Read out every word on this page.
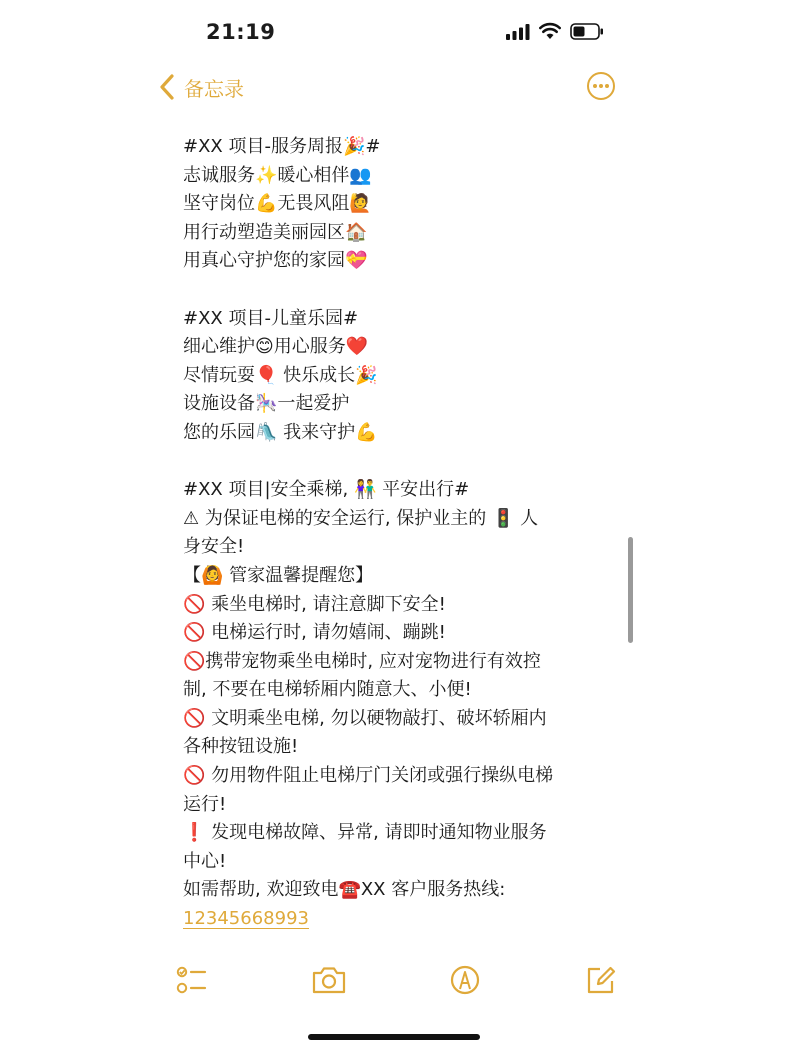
21:19
备忘录
#XX 项目-服务周报🎉#
志诚服务✨暖心相伴👥
坚守岗位💪无畏风阻🙋
用行动塑造美丽园区🏠
用真心守护您的家园💝
#XX 项目-儿童乐园#
细心维护😊用心服务❤️
尽情玩耍🎈 快乐成长🎉
设施设备🎠一起爱护
您的乐园🛝 我来守护💪
#XX 项目|安全乘梯, 👫 平安出行#
⚠ 为保证电梯的安全运行, 保护业主的 🚦 人
身安全!
【🙆 管家温馨提醒您】
🚫 乘坐电梯时, 请注意脚下安全!
🚫 电梯运行时, 请勿嬉闹、蹦跳!
🚫携带宠物乘坐电梯时, 应对宠物进行有效控
制, 不要在电梯轿厢内随意大、小便!
🚫 文明乘坐电梯, 勿以硬物敲打、破坏轿厢内
各种按钮设施!
🚫 勿用物件阻止电梯厅门关闭或强行操纵电梯
运行!
❗ 发现电梯故障、异常, 请即时通知物业服务
中心!
如需帮助, 欢迎致电☎️XX 客户服务热线:
12345668993
